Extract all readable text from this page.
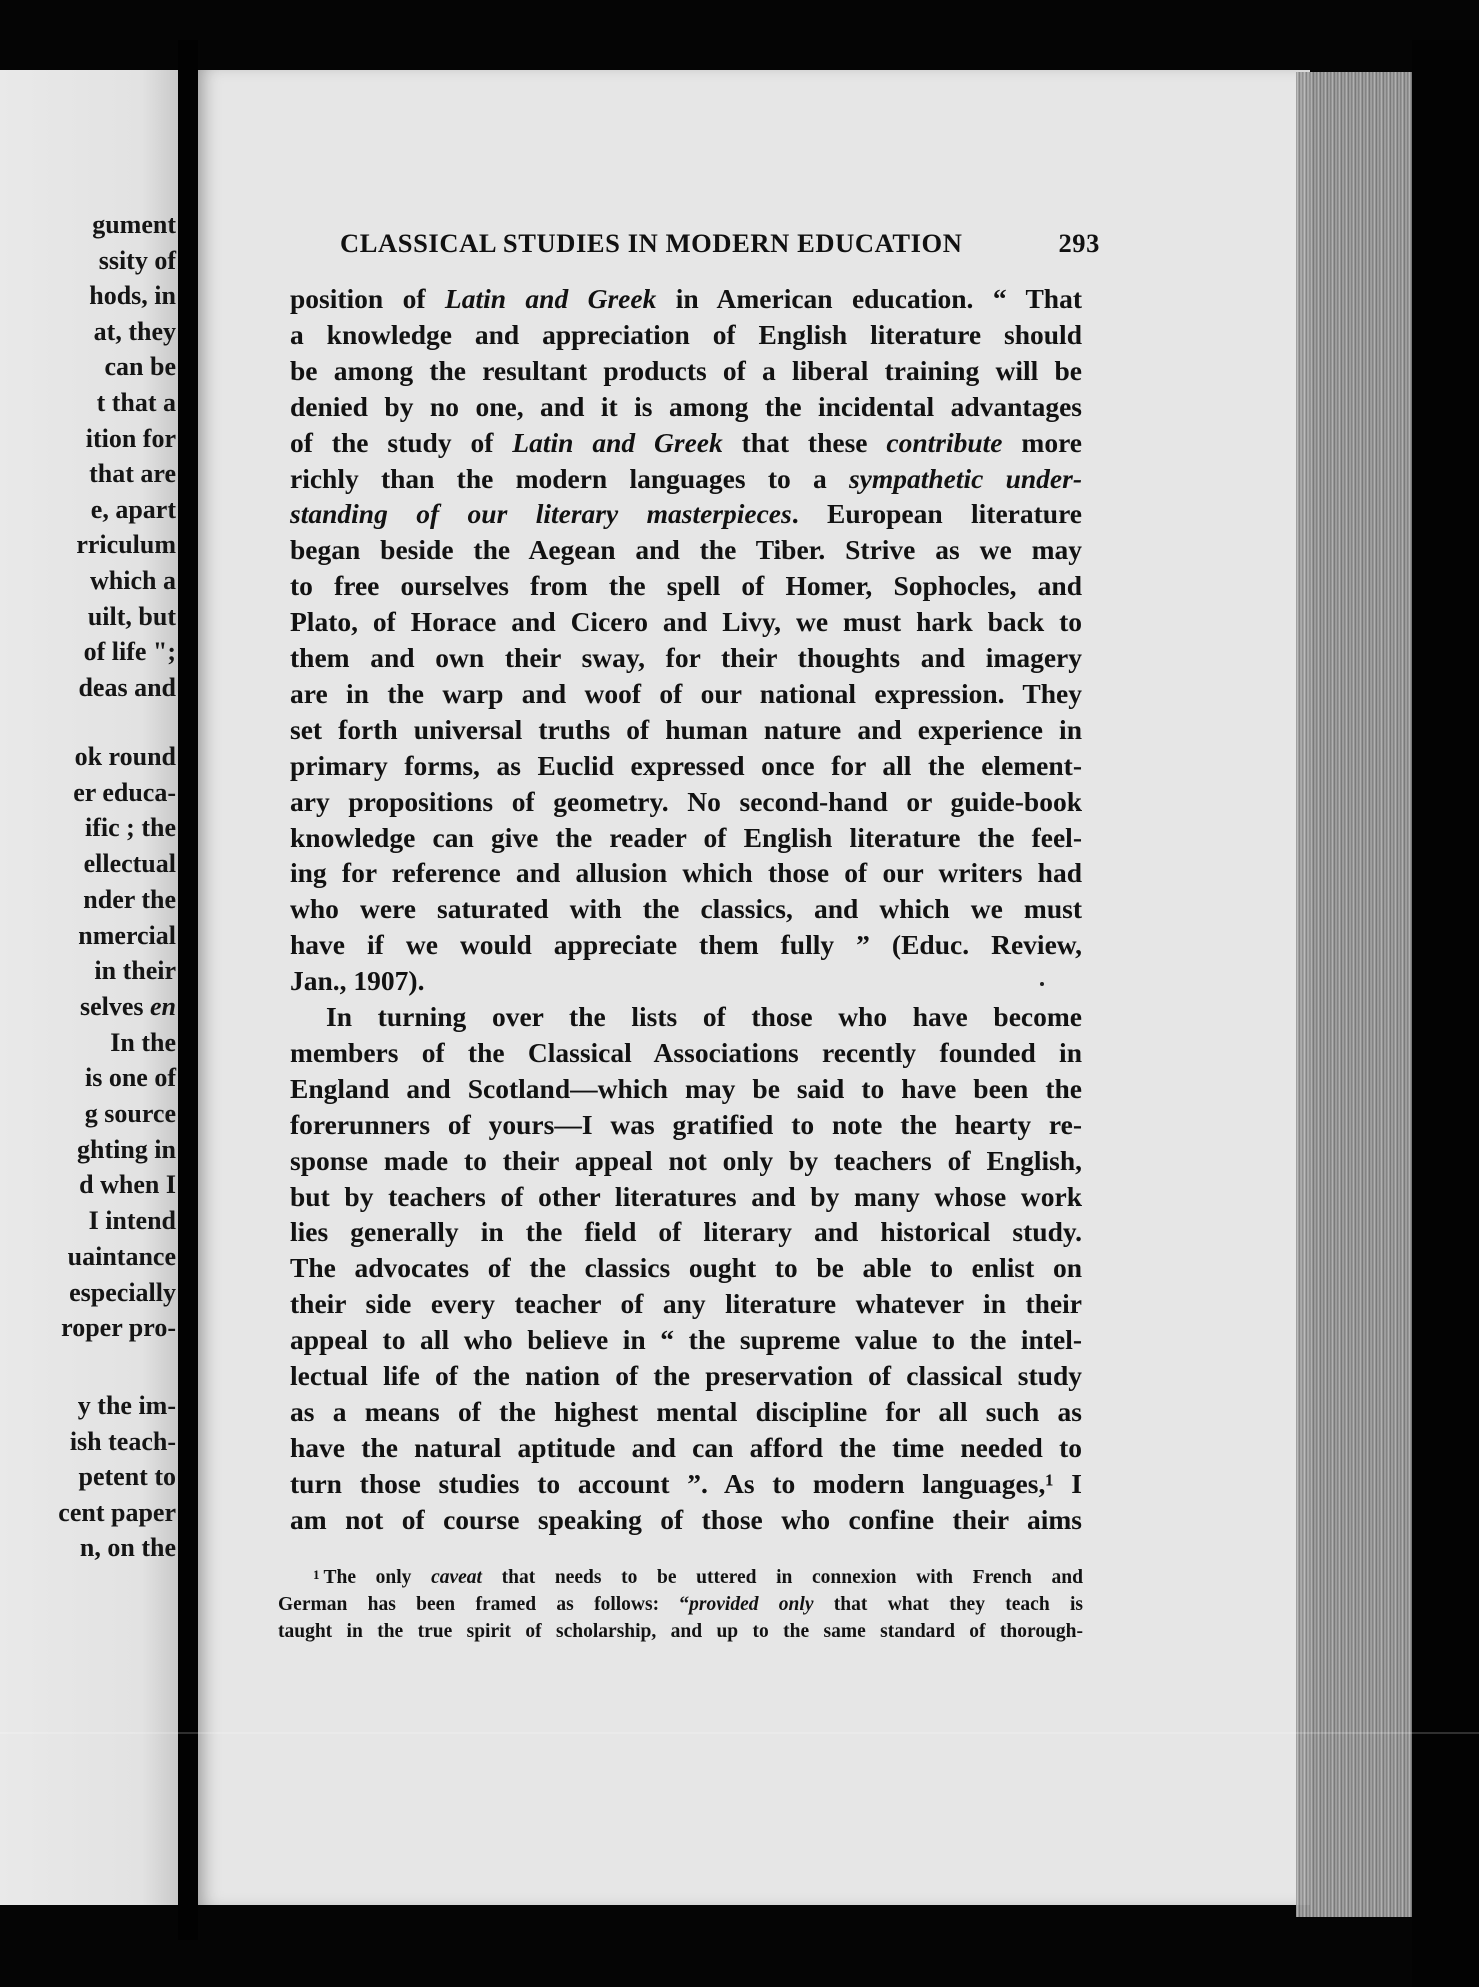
gument
ssity of
hods, in
at, they
can be
t that a
ition for
that are
e, apart
rriculum
which a
uilt, but
of life ";
deas and
ok round
er educa-
ific ; the
ellectual
nder the
nmercial
in their
selves en
In the
is one of
g source
ghting in
d when I
I intend
uaintance
especially
roper pro-
y the im-
ish teach-
petent to
cent paper
n, on the
CLASSICAL STUDIES IN MODERN EDUCATION	293
position of Latin and Greek in American education. “ That
a knowledge and appreciation of English literature should
be among the resultant products of a liberal training will be
denied by no one, and it is among the incidental advantages
of the study of Latin and Greek that these contribute more
richly than the modern languages to a sympathetic under-
standing of our literary masterpieces. European literature
began beside the Aegean and the Tiber. Strive as we may
to free ourselves from the spell of Homer, Sophocles, and
Plato, of Horace and Cicero and Livy, we must hark back to
them and own their sway, for their thoughts and imagery
are in the warp and woof of our national expression. They
set forth universal truths of human nature and experience in
primary forms, as Euclid expressed once for all the element-
ary propositions of geometry. No second-hand or guide-book
knowledge can give the reader of English literature the feel-
ing for reference and allusion which those of our writers had
who were saturated with the classics, and which we must
have if we would appreciate them fully ” (Educ. Review,
Jan., 1907).
In turning over the lists of those who have become
members of the Classical Associations recently founded in
England and Scotland—which may be said to have been the
forerunners of yours—I was gratified to note the hearty re-
sponse made to their appeal not only by teachers of English,
but by teachers of other literatures and by many whose work
lies generally in the field of literary and historical study.
The advocates of the classics ought to be able to enlist on
their side every teacher of any literature whatever in their
appeal to all who believe in “ the supreme value to the intel-
lectual life of the nation of the preservation of classical study
as a means of the highest mental discipline for all such as
have the natural aptitude and can afford the time needed to
turn those studies to account ”. As to modern languages,¹ I
am not of course speaking of those who confine their aims
$^1$ The only caveat that needs to be uttered in connexion with French and
German has been framed as follows: “provided only that what they teach is
taught in the true spirit of scholarship, and up to the same standard of thorough-
